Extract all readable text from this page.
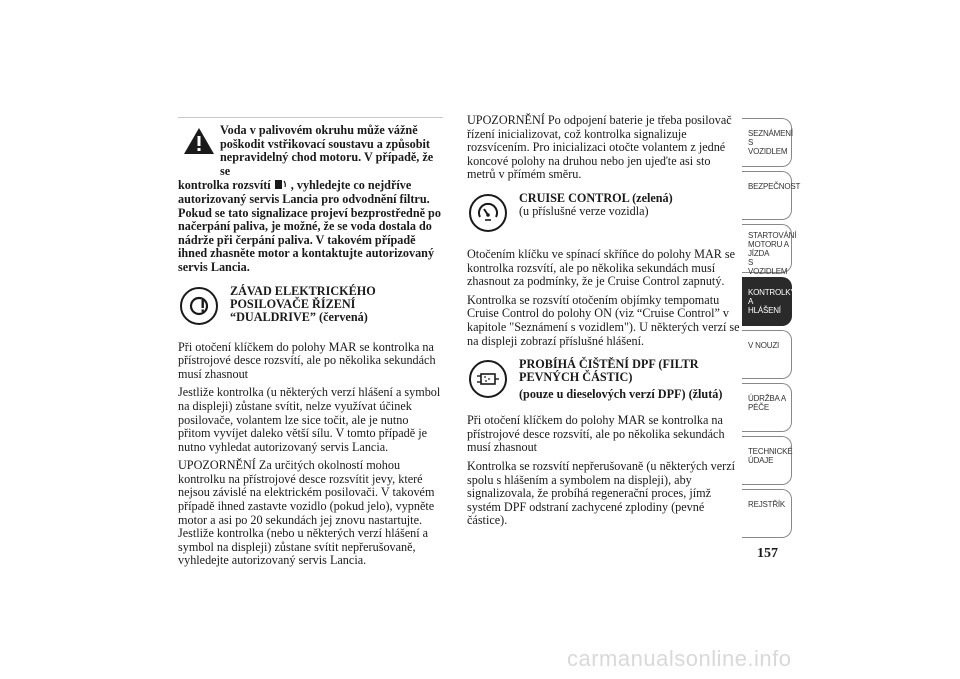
Voda v palivovém okruhu může vážně
poškodit vstřikovací soustavu a způsobit
nepravidelný chod motoru. V případě, že se
kontrolka rozsvítí , vyhledejte co nejdříve autorizovaný servis Lancia pro odvodnění filtru. Pokud se tato signalizace projeví bezprostředně po načerpání paliva, je možné, že se voda dostala do nádrže při čerpání paliva. V takovém případě ihned zhasněte motor a kontaktujte autorizovaný servis Lancia.
ZÁVAD ELEKTRICKÉHO
POSILOVAČE ŘÍZENÍ
“DUALDRIVE” (červená)

Při otočení klíčkem do polohy MAR se kontrolka na přístrojové desce rozsvítí, ale po několika sekundách musí zhasnout

Jestliže kontrolka (u některých verzí hlášení a symbol na displeji) zůstane svítit, nelze využívat účinek posilovače, volantem lze sice točit, ale je nutno přitom vyvíjet daleko větší sílu. V tomto případě je nutno vyhledat autorizovaný servis Lancia.

UPOZORNĚNÍ Za určitých okolností mohou kontrolku na přístrojové desce rozsvítit jevy, které nejsou závislé na elektrickém posilovači. V takovém případě ihned zastavte vozidlo (pokud jelo), vypněte motor a asi po 20 sekundách jej znovu nastartujte. Jestliže kontrolka (nebo u některých verzí hlášení a symbol na displeji) zůstane svítit nepřerušovaně, vyhledejte autorizovaný servis Lancia.

UPOZORNĚNÍ Po odpojení baterie je třeba posilovač řízení inicializovat, což kontrolka signalizuje rozsvícením. Pro inicializaci otočte volantem z jedné koncové polohy na druhou nebo jen ujeďte asi sto metrů v přímém směru.

CRUISE CONTROL (zelená)
(u příslušné verze vozidla)

Otočením klíčku ve spínací skříňce do polohy MAR se kontrolka rozsvítí, ale po několika sekundách musí zhasnout za podmínky, že je Cruise Control zapnutý.

Kontrolka se rozsvítí otočením objímky tempomatu Cruise Control do polohy ON (viz “Cruise Control” v kapitole "Seznámení s vozidlem"). U některých verzí se na displeji zobrazí příslušné hlášení.

PROBÍHÁ ČIŠTĚNÍ DPF (FILTR
PEVNÝCH ČÁSTIC)
(pouze u dieselových verzí DPF) (žlutá)

Při otočení klíčkem do polohy MAR se kontrolka na přístrojové desce rozsvítí, ale po několika sekundách musí zhasnout

Kontrolka se rozsvítí nepřerušovaně (u některých verzí spolu s hlášením a symbolem na displeji), aby signalizovala, že probíhá regenerační proces, jímž systém DPF odstraní zachycené zplodiny (pevné částice).

SEZNÁMENÍ S
VOZIDLEM
BEZPEČNOST
STARTOVÁNÍ
MOTORU A JÍZDA
S VOZIDLEM
KONTROLKY A
HLÁŠENÍ
V NOUZI
ÚDRŽBA A PÉČE
TECHNICKÉ
ÚDAJE
REJSTŘÍK
157
carmanualsonline.info
